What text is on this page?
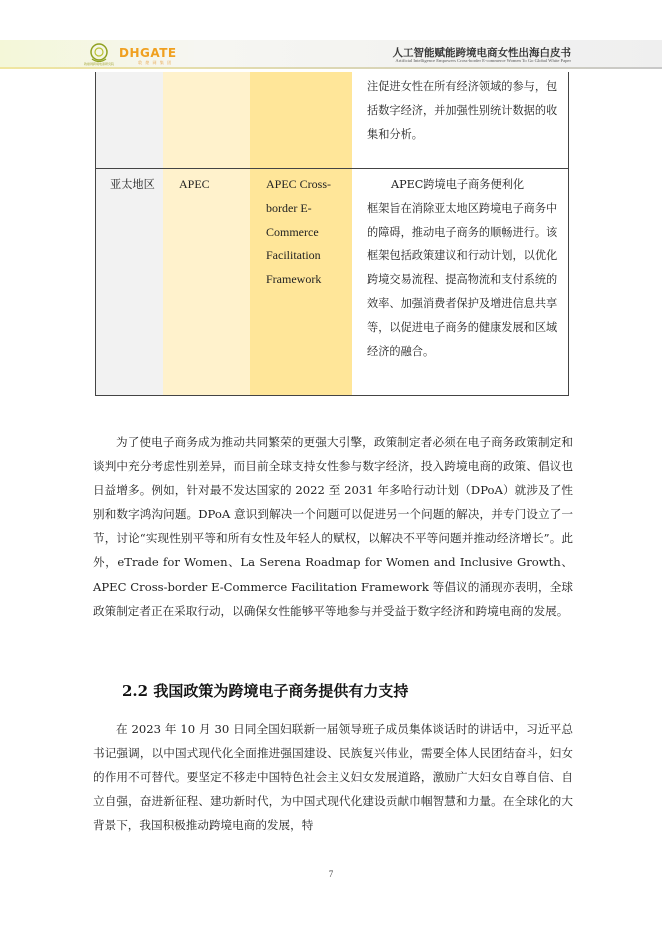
敦煌网跨境电商研究院
DHGATE
敦 煌 网 集 团
人工智能赋能跨境电商女性出海白皮书
Artificial Intelligence Empowers Cross-border E-commerce Women To Go Global White Paper
注促进女性在所有经济领域的参与，包括数字经济，并加强性别统计数据的收集和分析。
亚太地区	APEC	APEC Cross-border E-Commerce Facilitation Framework
APEC跨境电子商务便利化
框架旨在消除亚太地区跨境电子商务中的障碍，推动电子商务的顺畅进行。该框架包括政策建议和行动计划，以优化跨境交易流程、提高物流和支付系统的效率、加强消费者保护及增进信息共享等，以促进电子商务的健康发展和区域经济的融合。
为了使电子商务成为推动共同繁荣的更强大引擎，政策制定者必须在电子商务政策制定和谈判中充分考虑性别差异，而目前全球支持女性参与数字经济，投入跨境电商的政策、倡议也日益增多。例如，针对最不发达国家的 2022 至 2031 年多哈行动计划（DPoA）就涉及了性别和数字鸿沟问题。DPoA 意识到解决一个问题可以促进另一个问题的解决，并专门设立了一节，讨论“实现性别平等和所有女性及年轻人的赋权，以解决不平等问题并推动经济增长”。此外，eTrade for Women、La Serena Roadmap for Women and Inclusive Growth、APEC Cross-border E-Commerce Facilitation Framework 等倡议的涌现亦表明，全球政策制定者正在采取行动，以确保女性能够平等地参与并受益于数字经济和跨境电商的发展。
2.2 我国政策为跨境电子商务提供有力支持
在 2023 年 10 月 30 日同全国妇联新一届领导班子成员集体谈话时的讲话中，习近平总书记强调，以中国式现代化全面推进强国建设、民族复兴伟业，需要全体人民团结奋斗，妇女的作用不可替代。要坚定不移走中国特色社会主义妇女发展道路，激励广大妇女自尊自信、自立自强，奋进新征程、建功新时代，为中国式现代化建设贡献巾帼智慧和力量。在全球化的大背景下，我国积极推动跨境电商的发展，特
7
